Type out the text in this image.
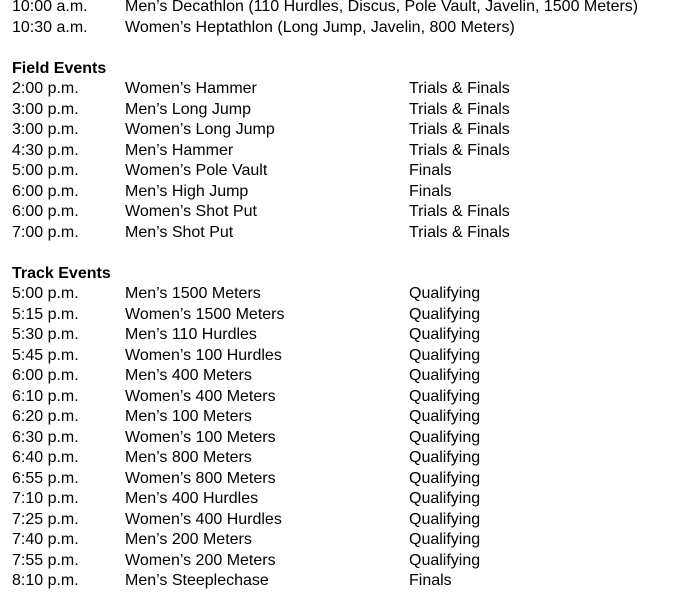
10:00 a.m.	Men’s Decathlon (110 Hurdles, Discus, Pole Vault, Javelin, 1500 Meters)
10:30 a.m.	Women’s Heptathlon (Long Jump, Javelin, 800 Meters)
Field Events
2:00 p.m.	Women’s Hammer	Trials & Finals
3:00 p.m.	Men’s Long Jump	Trials & Finals
3:00 p.m.	Women’s Long Jump	Trials & Finals
4:30 p.m.	Men’s Hammer	Trials & Finals
5:00 p.m.	Women’s Pole Vault	Finals
6:00 p.m.	Men’s High Jump	Finals
6:00 p.m.	Women’s Shot Put	Trials & Finals
7:00 p.m.	Men’s Shot Put	Trials & Finals
Track Events
5:00 p.m.	Men’s 1500 Meters	Qualifying
5:15 p.m.	Women’s 1500 Meters	Qualifying
5:30 p.m.	Men’s 110 Hurdles	Qualifying
5:45 p.m.	Women’s 100 Hurdles	Qualifying
6:00 p.m.	Men’s 400 Meters	Qualifying
6:10 p.m.	Women’s 400 Meters	Qualifying
6:20 p.m.	Men’s 100 Meters	Qualifying
6:30 p.m.	Women’s 100 Meters	Qualifying
6:40 p.m.	Men’s 800 Meters	Qualifying
6:55 p.m.	Women’s 800 Meters	Qualifying
7:10 p.m.	Men’s 400 Hurdles	Qualifying
7:25 p.m.	Women’s 400 Hurdles	Qualifying
7:40 p.m.	Men’s 200 Meters	Qualifying
7:55 p.m.	Women’s 200 Meters	Qualifying
8:10 p.m.	Men’s Steeplechase	Finals
